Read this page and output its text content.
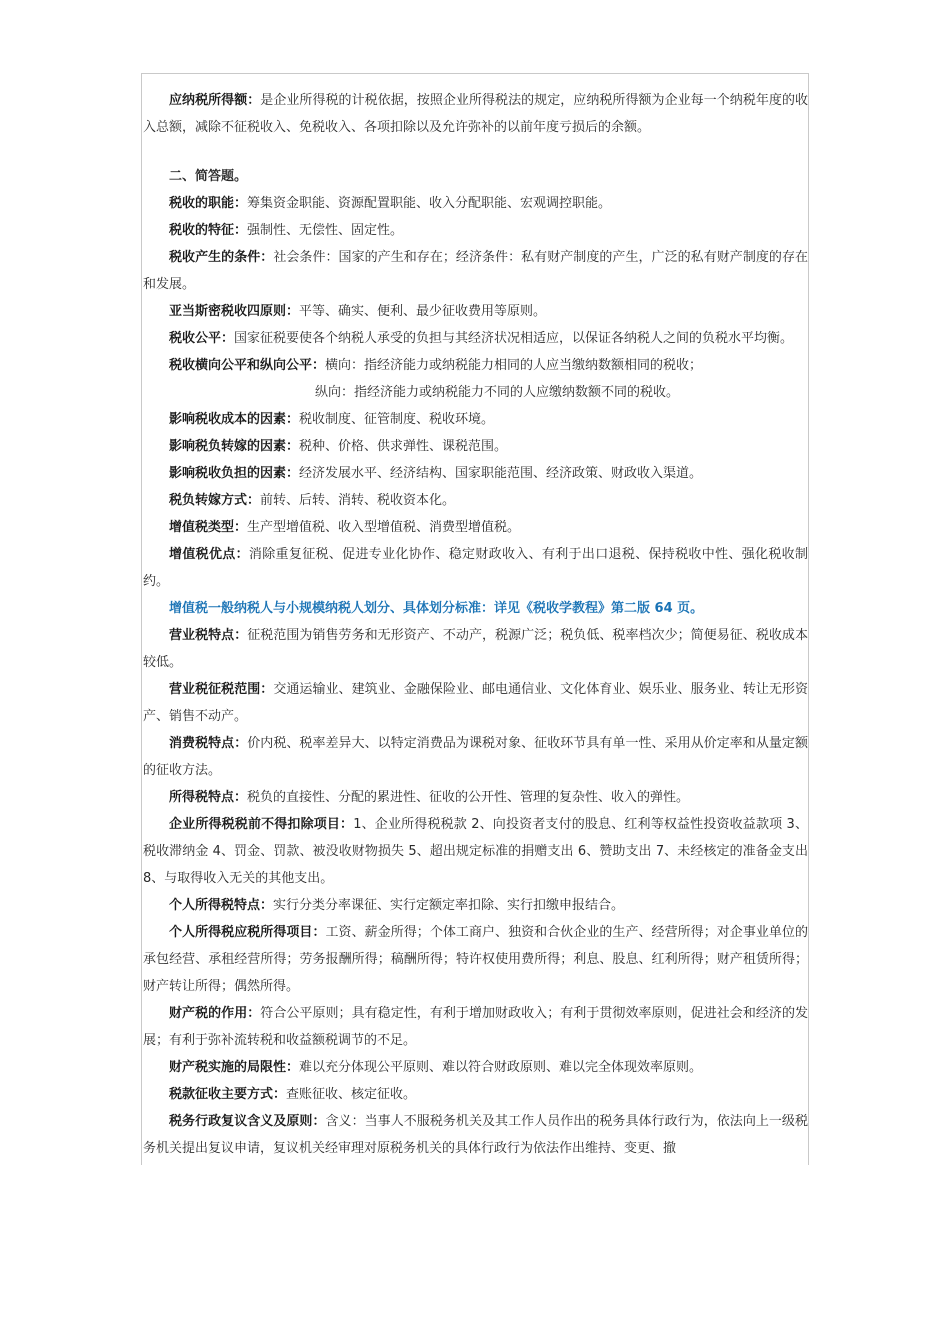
应纳税所得额：是企业所得税的计税依据，按照企业所得税法的规定，应纳税所得额为企业每一个纳税年度的收入总额，减除不征税收入、免税收入、各项扣除以及允许弥补的以前年度亏损后的余额。

二、简答题。

税收的职能：筹集资金职能、资源配置职能、收入分配职能、宏观调控职能。

税收的特征：强制性、无偿性、固定性。

税收产生的条件：社会条件：国家的产生和存在；经济条件：私有财产制度的产生，广泛的私有财产制度的存在和发展。

亚当斯密税收四原则：平等、确实、便利、最少征收费用等原则。

税收公平：国家征税要使各个纳税人承受的负担与其经济状况相适应，以保证各纳税人之间的负税水平均衡。

税收横向公平和纵向公平：横向：指经济能力或纳税能力相同的人应当缴纳数额相同的税收；

纵向：指经济能力或纳税能力不同的人应缴纳数额不同的税收。

影响税收成本的因素：税收制度、征管制度、税收环境。

影响税负转嫁的因素：税种、价格、供求弹性、课税范围。

影响税收负担的因素：经济发展水平、经济结构、国家职能范围、经济政策、财政收入渠道。

税负转嫁方式：前转、后转、消转、税收资本化。

增值税类型：生产型增值税、收入型增值税、消费型增值税。

增值税优点：消除重复征税、促进专业化协作、稳定财政收入、有利于出口退税、保持税收中性、强化税收制约。

增值税一般纳税人与小规模纳税人划分、具体划分标准：详见《税收学教程》第二版 64 页。

营业税特点：征税范围为销售劳务和无形资产、不动产，税源广泛；税负低、税率档次少；简便易征、税收成本较低。

营业税征税范围：交通运输业、建筑业、金融保险业、邮电通信业、文化体育业、娱乐业、服务业、转让无形资产、销售不动产。

消费税特点：价内税、税率差异大、以特定消费品为课税对象、征收环节具有单一性、采用从价定率和从量定额的征收方法。

所得税特点：税负的直接性、分配的累进性、征收的公开性、管理的复杂性、收入的弹性。

企业所得税税前不得扣除项目：1、企业所得税税款 2、向投资者支付的股息、红利等权益性投资收益款项 3、税收滞纳金 4、罚金、罚款、被没收财物损失 5、超出规定标准的捐赠支出 6、赞助支出 7、未经核定的准备金支出 8、与取得收入无关的其他支出。

个人所得税特点：实行分类分率课征、实行定额定率扣除、实行扣缴申报结合。

个人所得税应税所得项目：工资、薪金所得；个体工商户、独资和合伙企业的生产、经营所得；对企事业单位的承包经营、承租经营所得；劳务报酬所得；稿酬所得；特许权使用费所得；利息、股息、红利所得；财产租赁所得；财产转让所得；偶然所得。

财产税的作用：符合公平原则；具有稳定性，有利于增加财政收入；有利于贯彻效率原则，促进社会和经济的发展；有利于弥补流转税和收益额税调节的不足。

财产税实施的局限性：难以充分体现公平原则、难以符合财政原则、难以完全体现效率原则。

税款征收主要方式：查账征收、核定征收。

税务行政复议含义及原则：含义：当事人不服税务机关及其工作人员作出的税务具体行政行为，依法向上一级税务机关提出复议申请，复议机关经审理对原税务机关的具体行政行为依法作出维持、变更、撤
